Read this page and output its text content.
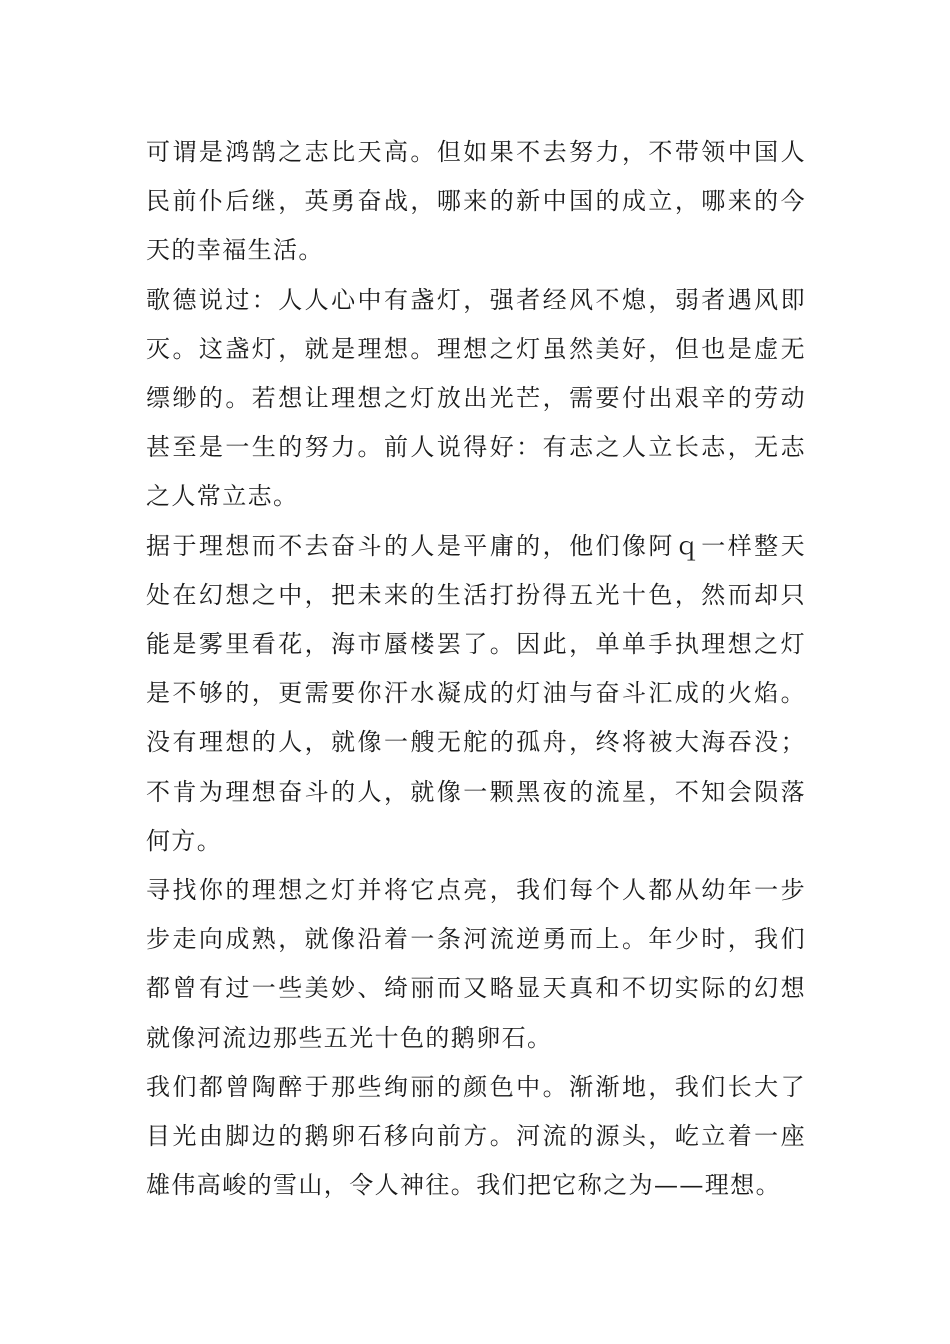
可谓是鸿鹄之志比天高。但如果不去努力，不带领中国人民前仆后继，英勇奋战，哪来的新中国的成立，哪来的今天的幸福生活。

歌德说过：人人心中有盏灯，强者经风不熄，弱者遇风即灭。这盏灯，就是理想。理想之灯虽然美好，但也是虚无缥缈的。若想让理想之灯放出光芒，需要付出艰辛的劳动甚至是一生的努力。前人说得好：有志之人立长志，无志之人常立志。

据于理想而不去奋斗的人是平庸的，他们像阿ｑ一样整天处在幻想之中，把未来的生活打扮得五光十色，然而却只能是雾里看花，海市蜃楼罢了。因此，单单手执理想之灯是不够的，更需要你汗水凝成的灯油与奋斗汇成的火焰。没有理想的人，就像一艘无舵的孤舟，终将被大海吞没；不肯为理想奋斗的人，就像一颗黑夜的流星，不知会陨落何方。

寻找你的理想之灯并将它点亮，我们每个人都从幼年一步步走向成熟，就像沿着一条河流逆勇而上。年少时，我们都曾有过一些美妙、绮丽而又略显天真和不切实际的幻想就像河流边那些五光十色的鹅卵石。

我们都曾陶醉于那些绚丽的颜色中。渐渐地，我们长大了目光由脚边的鹅卵石移向前方。河流的源头，屹立着一座雄伟高峻的雪山，令人神往。我们把它称之为——理想。
